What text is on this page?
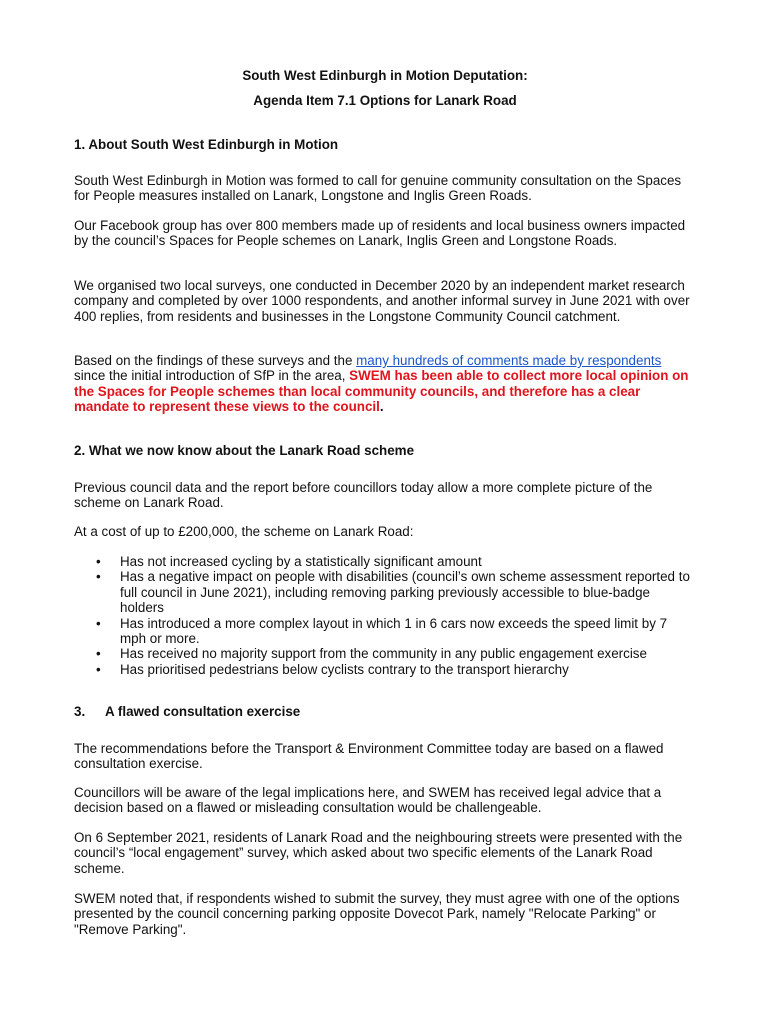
South West Edinburgh in Motion Deputation:

Agenda Item 7.1 Options for Lanark Road

1. About South West Edinburgh in Motion

South West Edinburgh in Motion was formed to call for genuine community consultation on the Spaces for People measures installed on Lanark, Longstone and Inglis Green Roads.

Our Facebook group has over 800 members made up of residents and local business owners impacted by the council’s Spaces for People schemes on Lanark, Inglis Green and Longstone Roads.

We organised two local surveys, one conducted in December 2020 by an independent market research company and completed by over 1000 respondents, and another informal survey in June 2021 with over 400 replies, from residents and businesses in the Longstone Community Council catchment.

Based on the findings of these surveys and the many hundreds of comments made by respondents since the initial introduction of SfP in the area, SWEM has been able to collect more local opinion on the Spaces for People schemes than local community councils, and therefore has a clear mandate to represent these views to the council.

2. What we now know about the Lanark Road scheme

Previous council data and the report before councillors today allow a more complete picture of the scheme on Lanark Road.

At a cost of up to £200,000, the scheme on Lanark Road:

• Has not increased cycling by a statistically significant amount
• Has a negative impact on people with disabilities (council’s own scheme assessment reported to full council in June 2021), including removing parking previously accessible to blue-badge holders
• Has introduced a more complex layout in which 1 in 6 cars now exceeds the speed limit by 7 mph or more.
• Has received no majority support from the community in any public engagement exercise
• Has prioritised pedestrians below cyclists contrary to the transport hierarchy

3. A flawed consultation exercise

The recommendations before the Transport & Environment Committee today are based on a flawed consultation exercise.

Councillors will be aware of the legal implications here, and SWEM has received legal advice that a decision based on a flawed or misleading consultation would be challengeable.

On 6 September 2021, residents of Lanark Road and the neighbouring streets were presented with the council’s “local engagement” survey, which asked about two specific elements of the Lanark Road scheme.

SWEM noted that, if respondents wished to submit the survey, they must agree with one of the options presented by the council concerning parking opposite Dovecot Park, namely "Relocate Parking" or "Remove Parking".
